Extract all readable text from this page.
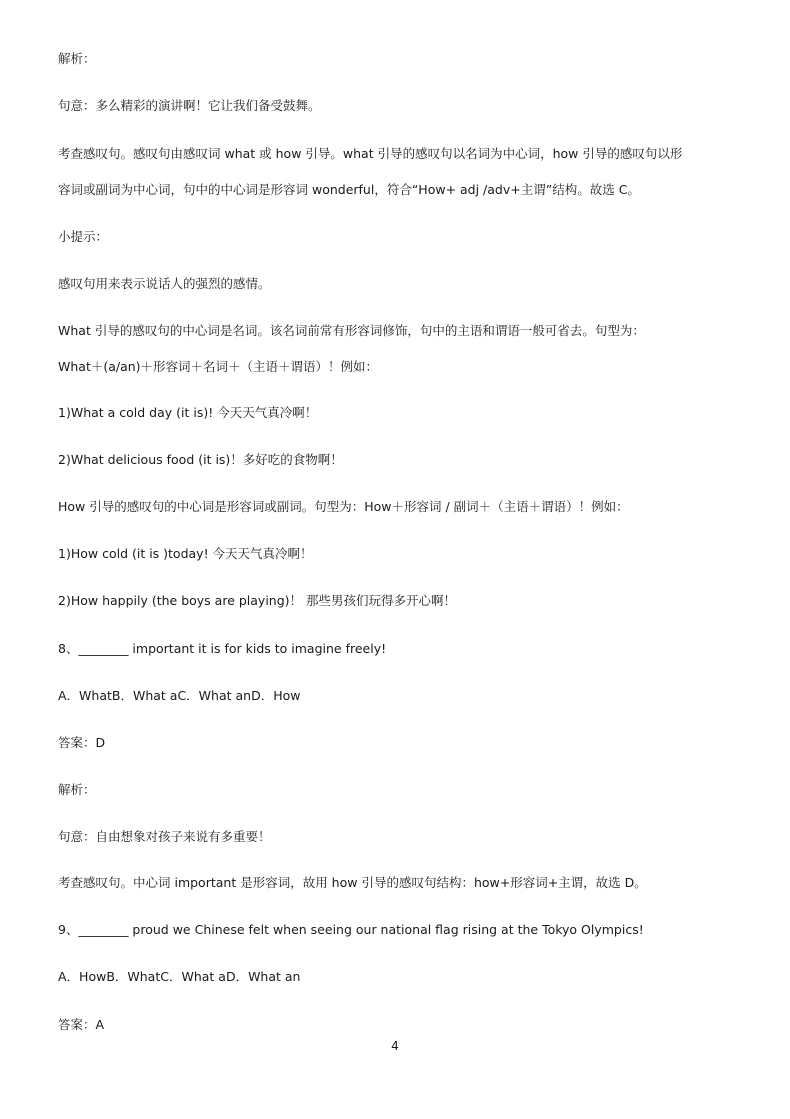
解析：
句意：多么精彩的演讲啊！它让我们备受鼓舞。
考查感叹句。感叹句由感叹词 what 或 how 引导。what 引导的感叹句以名词为中心词，how 引导的感叹句以形
容词或副词为中心词，句中的中心词是形容词 wonderful，符合“How+ adj /adv+主谓”结构。故选 C。
小提示：
感叹句用来表示说话人的强烈的感情。
What 引导的感叹句的中心词是名词。该名词前常有形容词修饰，句中的主语和谓语一般可省去。句型为：
What＋(a/an)＋形容词＋名词＋（主语＋谓语）！例如：
1)What a cold day (it is)! 今天天气真冷啊！
2)What delicious food (it is)！多好吃的食物啊！
How 引导的感叹句的中心词是形容词或副词。句型为：How＋形容词 / 副词＋（主语＋谓语）！例如：
1)How cold (it is )today! 今天天气真冷啊！
2)How happily (the boys are playing)！ 那些男孩们玩得多开心啊！
8、________ important it is for kids to imagine freely!
A．WhatB．What aC．What anD．How
答案：D
解析：
句意：自由想象对孩子来说有多重要！
考查感叹句。中心词 important 是形容词，故用 how 引导的感叹句结构：how+形容词+主谓，故选 D。
9、________ proud we Chinese felt when seeing our national flag rising at the Tokyo Olympics!
A．HowB．WhatC．What aD．What an
答案：A
4
